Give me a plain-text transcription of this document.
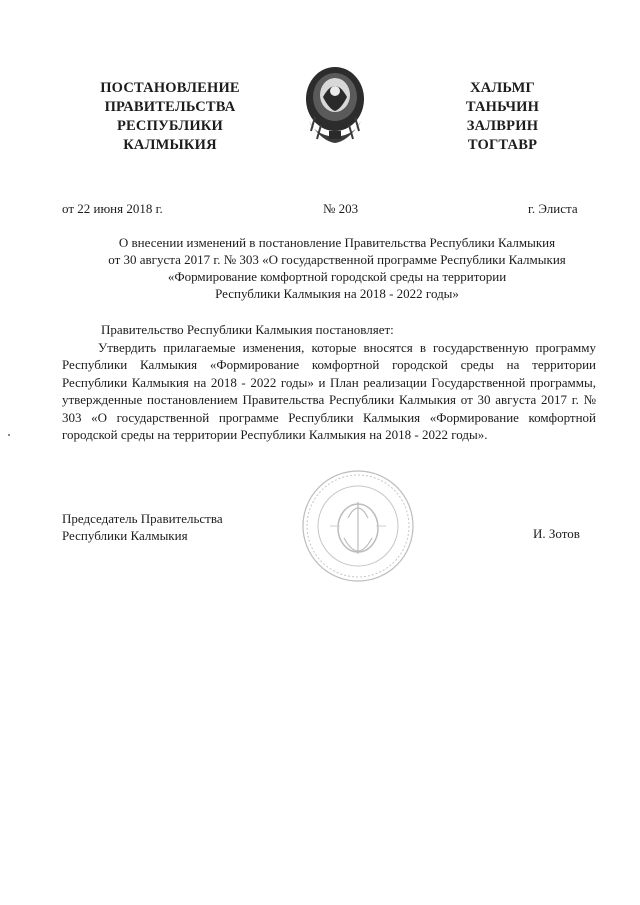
ПОСТАНОВЛЕНИЕ
ПРАВИТЕЛЬСТВА
РЕСПУБЛИКИ
КАЛМЫКИЯ
ХАЛЬМГ
ТАНЬЧИН
ЗАЛВРИН
ТОГТАВР
от 22 июня 2018 г.	№ 203	г. Элиста
О внесении изменений в постановление Правительства Республики Калмыкия
от 30 августа 2017 г. № 303 «О государственной программе Республики Калмыкия
«Формирование комфортной городской среды на территории
Республики Калмыкия на 2018 - 2022 годы»
Правительство Республики Калмыкия постановляет:
Утвердить прилагаемые изменения, которые вносятся в государственную программу Республики Калмыкия «Формирование комфортной городской среды на территории Республики Калмыкия на 2018 - 2022 годы» и План реализации Государственной программы, утвержденные постановлением Правительства Республики Калмыкия от 30 августа 2017 г. № 303 «О государственной программе Республики Калмыкия «Формирование комфортной городской среды на территории Республики Калмыкия на 2018 - 2022 годы».
Председатель Правительства
Республики Калмыкия	И. Зотов
